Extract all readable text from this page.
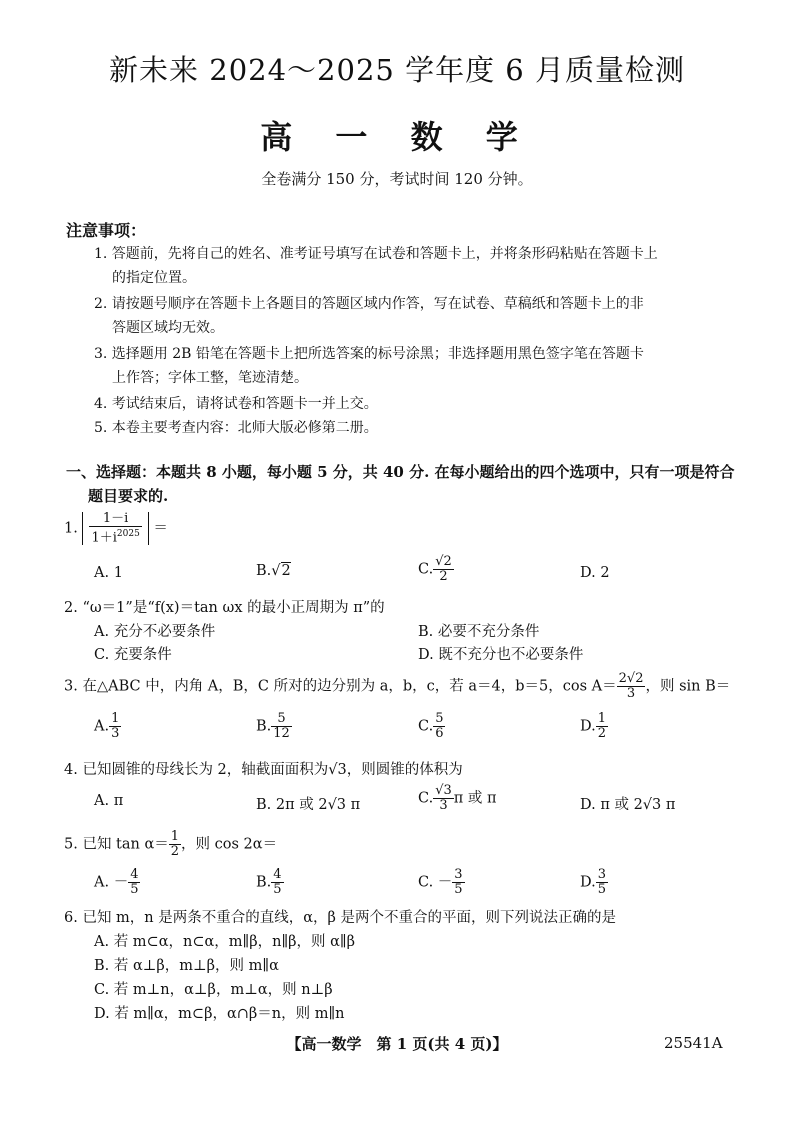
新未来 2024～2025 学年度 6 月质量检测
高 一 数 学
全卷满分 150 分，考试时间 120 分钟。
注意事项：
1. 答题前，先将自己的姓名、准考证号填写在试卷和答题卡上，并将条形码粘贴在答题卡上
的指定位置。
2. 请按题号顺序在答题卡上各题目的答题区域内作答，写在试卷、草稿纸和答题卡上的非
答题区域均无效。
3. 选择题用 2B 铅笔在答题卡上把所选答案的标号涂黑；非选择题用黑色签字笔在答题卡
上作答；字体工整，笔迹清楚。
4. 考试结束后，请将试卷和答题卡一并上交。
5. 本卷主要考查内容：北师大版必修第二册。
一、选择题：本题共 8 小题，每小题 5 分，共 40 分. 在每小题给出的四个选项中，只有一项是符合
题目要求的.
1. $\frac{1-i}{1+i^{2025}}$ ＝
A. 1	B.√2	C. $\frac{√2}{2}$	D. 2
2. “ω＝1”是“f(x)＝tan ωx 的最小正周期为 π”的
A. 充分不必要条件	B. 必要不充分条件
C. 充要条件	D. 既不充分也不必要条件
3. 在△ABC 中，内角 A，B，C 所对的边分别为 a，b，c，若 a＝4，b＝5，$\cos A= \frac{2√2}{3}$ ，则 sin B＝
A. $\frac{1}{3}$	B. $\frac{5}{12}$	C. $\frac{5}{6}$	D. $\frac{1}{2}$
4. 已知圆锥的母线长为 2，轴截面面积为√3，则圆锥的体积为
A. π	B. 2π 或 2√3 π	C. $\frac{√3}{3}$ π 或 π	D. π 或 2√3 π
5. 已知 $\tan \alpha= \frac{1}{2}$ ，则 cos 2α＝
A. － $\frac{4}{5}$	B. $\frac{4}{5}$	C. － $\frac{3}{5}$	D. $\frac{3}{5}$
6. 已知 m，n 是两条不重合的直线，α，β 是两个不重合的平面，则下列说法正确的是
A. 若 m⊂α，n⊂α，m∥β，n∥β，则 α∥β
B. 若 α⊥β，m⊥β，则 m∥α
C. 若 m⊥n，α⊥β，m⊥α，则 n⊥β
D. 若 m∥α，m⊂β，α∩β＝n，则 m∥n
【高一数学　第 1 页(共 4 页)】	25541A
